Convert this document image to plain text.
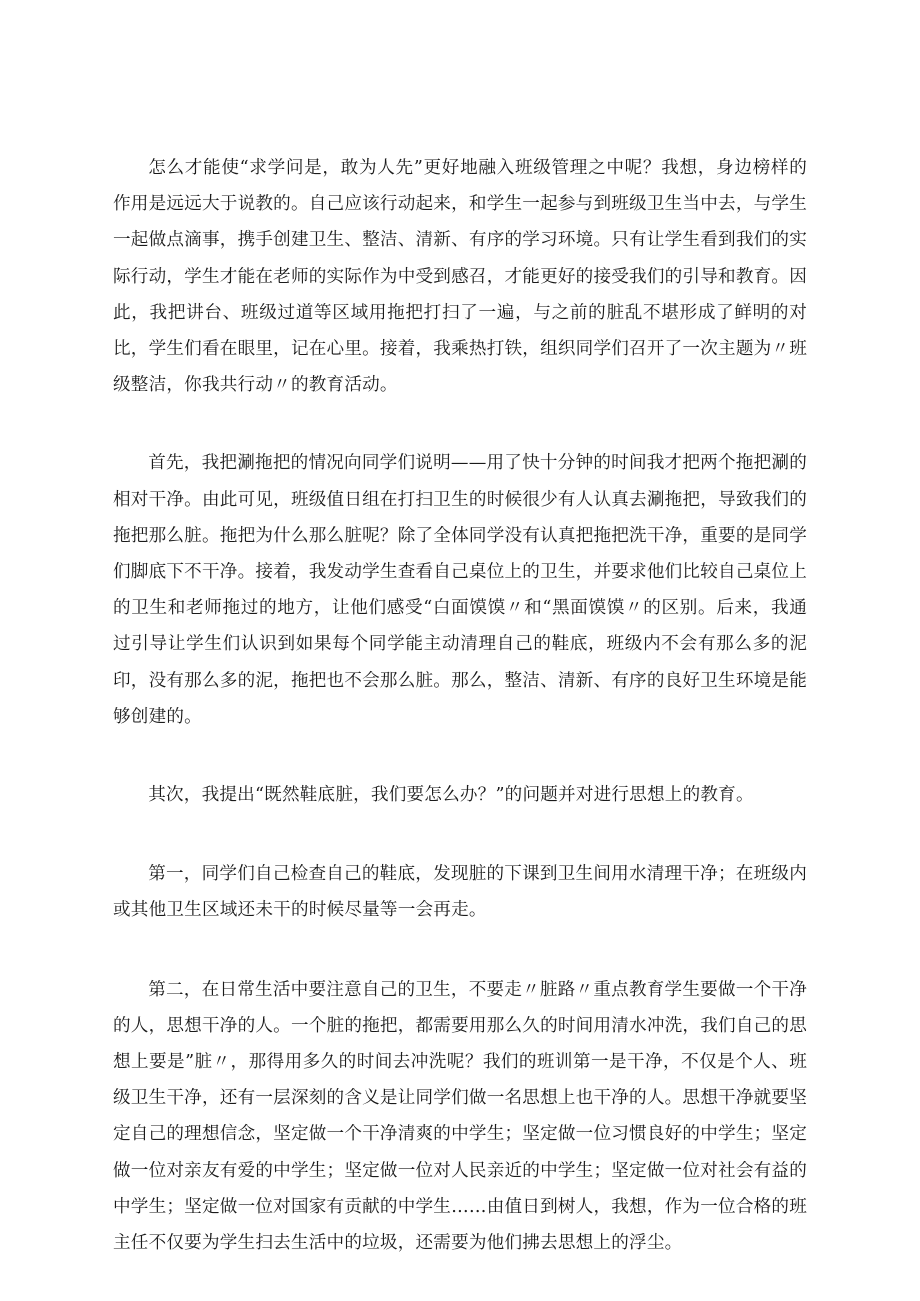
怎么才能使“求学问是，敢为人先”更好地融入班级管理之中呢？我想，身边榜样的作用是远远大于说教的。自己应该行动起来，和学生一起参与到班级卫生当中去，与学生一起做点滴事，携手创建卫生、整洁、清新、有序的学习环境。只有让学生看到我们的实际行动，学生才能在老师的实际作为中受到感召，才能更好的接受我们的引导和教育。因此，我把讲台、班级过道等区域用拖把打扫了一遍，与之前的脏乱不堪形成了鲜明的对比，学生们看在眼里，记在心里。接着，我乘热打铁，组织同学们召开了一次主题为〃班级整洁，你我共行动〃的教育活动。

首先，我把涮拖把的情况向同学们说明——用了快十分钟的时间我才把两个拖把涮的相对干净。由此可见，班级值日组在打扫卫生的时候很少有人认真去涮拖把，导致我们的拖把那么脏。拖把为什么那么脏呢？除了全体同学没有认真把拖把洗干净，重要的是同学们脚底下不干净。接着，我发动学生查看自己桌位上的卫生，并要求他们比较自己桌位上的卫生和老师拖过的地方，让他们感受“白面馍馍〃和“黑面馍馍〃的区别。后来，我通过引导让学生们认识到如果每个同学能主动清理自己的鞋底，班级内不会有那么多的泥印，没有那么多的泥，拖把也不会那么脏。那么，整洁、清新、有序的良好卫生环境是能够创建的。

其次，我提出“既然鞋底脏，我们要怎么办？”的问题并对进行思想上的教育。

第一，同学们自己检查自己的鞋底，发现脏的下课到卫生间用水清理干净；在班级内或其他卫生区域还未干的时候尽量等一会再走。

第二，在日常生活中要注意自己的卫生，不要走〃脏路〃重点教育学生要做一个干净的人，思想干净的人。一个脏的拖把，都需要用那么久的时间用清水冲洗，我们自己的思想上要是”脏〃，那得用多久的时间去冲洗呢？我们的班训第一是干净，不仅是个人、班级卫生干净，还有一层深刻的含义是让同学们做一名思想上也干净的人。思想干净就要坚定自己的理想信念，坚定做一个干净清爽的中学生；坚定做一位习惯良好的中学生；坚定做一位对亲友有爱的中学生；坚定做一位对人民亲近的中学生；坚定做一位对社会有益的中学生；坚定做一位对国家有贡献的中学生……由值日到树人，我想，作为一位合格的班主任不仅要为学生扫去生活中的垃圾，还需要为他们拂去思想上的浮尘。
